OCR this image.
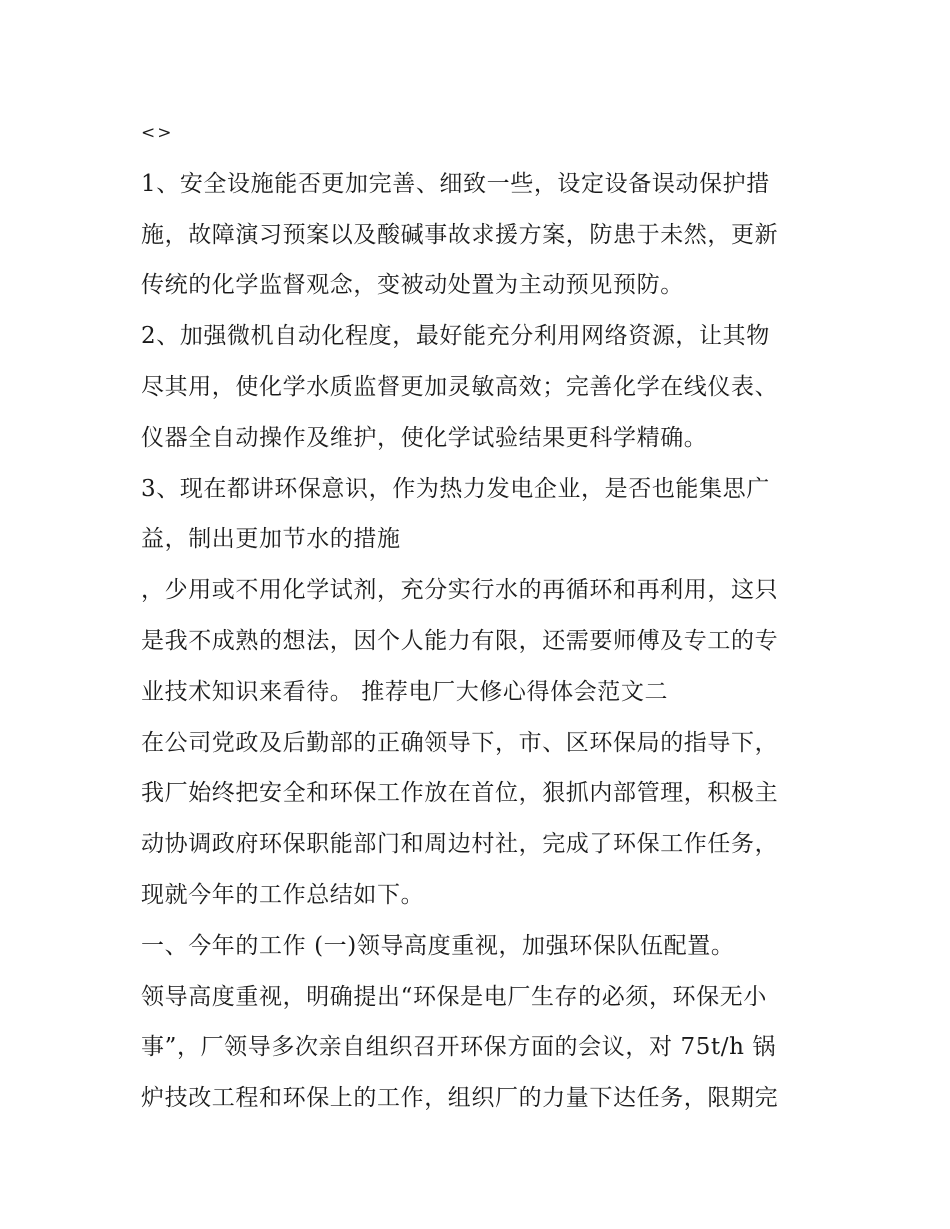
<>
1、安全设施能否更加完善、细致一些，设定设备误动保护措
施，故障演习预案以及酸碱事故求援方案，防患于未然，更新
传统的化学监督观念，变被动处置为主动预见预防。
2、加强微机自动化程度，最好能充分利用网络资源，让其物
尽其用，使化学水质监督更加灵敏高效；完善化学在线仪表、
仪器全自动操作及维护，使化学试验结果更科学精确。
3、现在都讲环保意识，作为热力发电企业，是否也能集思广
益，制出更加节水的措施
，少用或不用化学试剂，充分实行水的再循环和再利用，这只
是我不成熟的想法，因个人能力有限，还需要师傅及专工的专
业技术知识来看待。 推荐电厂大修心得体会范文二
在公司党政及后勤部的正确领导下，市、区环保局的指导下，
我厂始终把安全和环保工作放在首位，狠抓内部管理，积极主
动协调政府环保职能部门和周边村社，完成了环保工作任务，
现就今年的工作总结如下。
一、今年的工作 (一)领导高度重视，加强环保队伍配置。
领导高度重视，明确提出“环保是电厂生存的必须，环保无小
事”，厂领导多次亲自组织召开环保方面的会议，对 75t/h 锅
炉技改工程和环保上的工作，组织厂的力量下达任务，限期完
